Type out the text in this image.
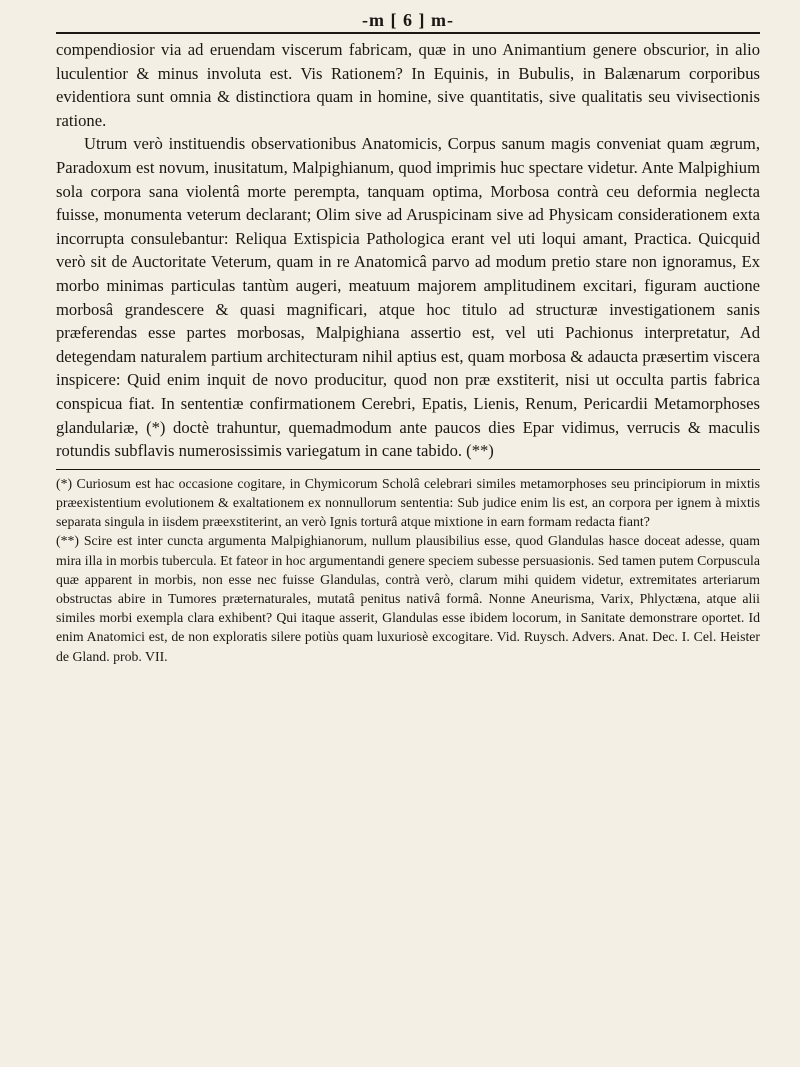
-m [ 6 ] m-

compendiosior via ad eruendam viscerum fabricam, quæ in uno Animantium genere obscurior, in alio luculentior & minus involuta est. Vis Rationem? In Equinis, in Bubulis, in Balænarum corporibus evidentiora sunt omnia & distinctiora quam in homine, sive quantitatis, sive qualitatis seu vivisectionis ratione.

Utrum verò instituendis observationibus Anatomicis, Corpus sanum magis conveniat quam ægrum, Paradoxum est novum, inusitatum, Malpighianum, quod imprimis huc spectare videtur. Ante Malpighium sola corpora sana violentâ morte perempta, tanquam optima, Morbosa contrà ceu deformia neglecta fuisse, monumenta veterum declarant; Olim sive ad Aruspicinam sive ad Physicam considerationem exta incorrupta consulebantur: Reliqua Extispicia Pathologica erant vel uti loqui amant, Practica. Quicquid verò sit de Auctoritate Veterum, quam in re Anatomicâ parvo ad modum pretio stare non ignoramus, Ex morbo minimas particulas tantùm augeri, meatuum majorem amplitudinem excitari, figuram auctione morbosâ grandescere & quasi magnificari, atque hoc titulo ad structuræ investigationem sanis præferendas esse partes morbosas, Malpighiana assertio est, vel uti Pachionus interpretatur, Ad detegendam naturalem partium architecturam nihil aptius est, quam morbosa & adaucta præsertim viscera inspicere: Quid enim inquit de novo producitur, quod non præ exstiterit, nisi ut occulta partis fabrica conspicua fiat. In sententiæ confirmationem Cerebri, Epatis, Lienis, Renum, Pericardii Metamorphoses glandulariæ, (*) doctè trahuntur, quemadmodum ante paucos dies Epar vidimus, verrucis & maculis rotundis subflavis numerosissimis variegatum in cane tabido. (**)

(*) Curiosum est hac occasione cogitare, in Chymicorum Scholâ celebrari similes metamorphoses seu principiorum in mixtis præexistentium evolutionem & exaltationem ex nonnullorum sententia: Sub judice enim lis est, an corpora per ignem à mixtis separata singula in iisdem præexstiterint, an verò Ignis torturâ atque mixtione in earn formam redacta fiant?

(**) Scire est inter cuncta argumenta Malpighianorum, nullum plausibilius esse, quod Glandulas hasce doceat adesse, quam mira illa in morbis tubercula. Et fateor in hoc argumentandi genere speciem subesse persuasionis. Sed tamen putem Corpuscula quæ apparent in morbis, non esse nec fuisse Glandulas, contrà verò, clarum mihi quidem videtur, extremitates arteriarum obstructas abire in Tumores præternaturales, mutatâ penitus nativâ formâ. Nonne Aneurisma, Varix, Phlyctæna, atque alii similes morbi exempla clara exhibent? Qui itaque asserit, Glandulas esse ibidem locorum, in Sanitate demonstrare oportet. Id enim Anatomici est, de non exploratis silere potiùs quam luxuriosè excogitare. Vid. Ruysch. Advers. Anat. Dec. I. Cel. Heister de Gland. prob. VII.
